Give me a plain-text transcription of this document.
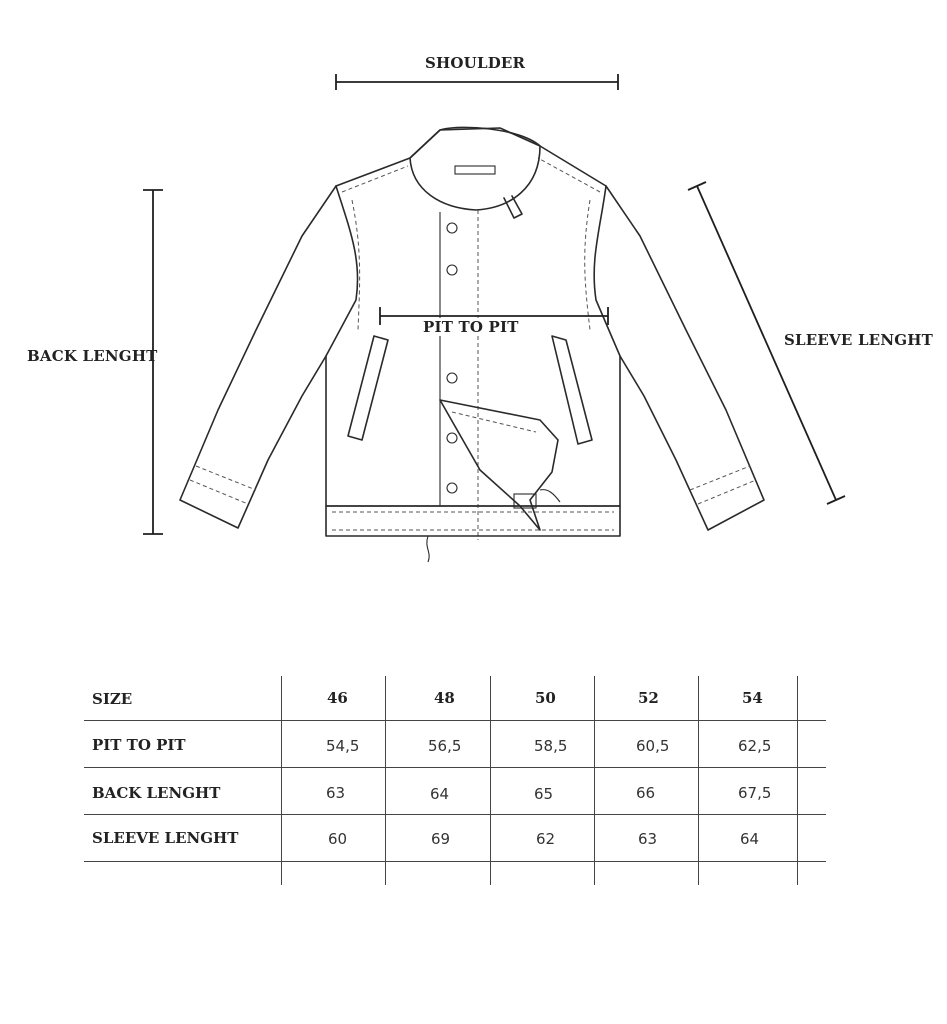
SHOULDER
PIT TO PIT
BACK LENGHT
SLEEVE LENGHT
SIZE	46	48	50	52	54
PIT TO PIT	54,5	56,5	58,5	60,5	62,5
BACK LENGHT	63	64	65	66	67,5
SLEEVE LENGHT	60	69	62	63	64
